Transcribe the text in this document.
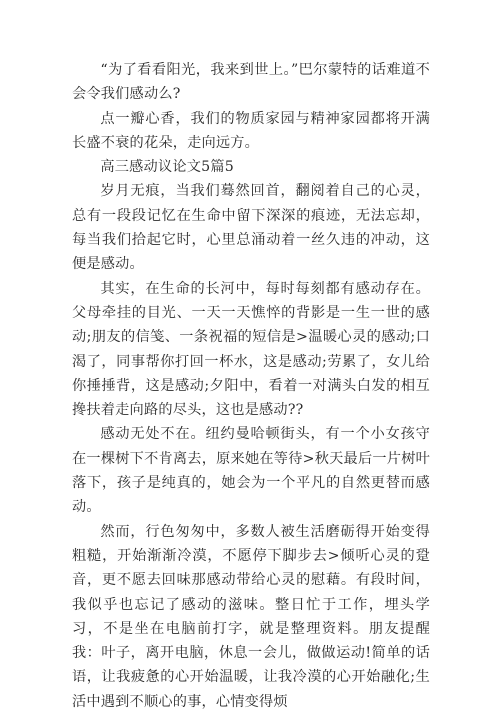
“为了看看阳光，我来到世上。”巴尔蒙特的话难道不会令我们感动么?

点一瓣心香，我们的物质家园与精神家园都将开满长盛不衰的花朵，走向远方。

高三感动议论文5篇5

岁月无痕，当我们蓦然回首，翻阅着自己的心灵，总有一段段记忆在生命中留下深深的痕迹，无法忘却，每当我们拾起它时，心里总涌动着一丝久违的冲动，这便是感动。

其实，在生命的长河中，每时每刻都有感动存在。父母牵挂的目光、一天一天憔悴的背影是一生一世的感动;朋友的信笺、一条祝福的短信是>温暖心灵的感动;口渴了，同事帮你打回一杯水，这是感动;劳累了，女儿给你捶捶背，这是感动;夕阳中，看着一对满头白发的相互搀扶着走向路的尽头，这也是感动??

感动无处不在。纽约曼哈顿街头，有一个小女孩守在一棵树下不肯离去，原来她在等待>秋天最后一片树叶落下，孩子是纯真的，她会为一个平凡的自然更替而感动。

然而，行色匆匆中，多数人被生活磨砺得开始变得粗糙，开始渐渐冷漠，不愿停下脚步去>倾听心灵的跫音，更不愿去回味那感动带给心灵的慰藉。有段时间，我似乎也忘记了感动的滋味。整日忙于工作，埋头学习，不是坐在电脑前打字，就是整理资料。朋友提醒我：叶子，离开电脑，休息一会儿，做做运动!简单的话语，让我疲惫的心开始温暖，让我冷漠的心开始融化;生活中遇到不顺心的事，心情变得烦
